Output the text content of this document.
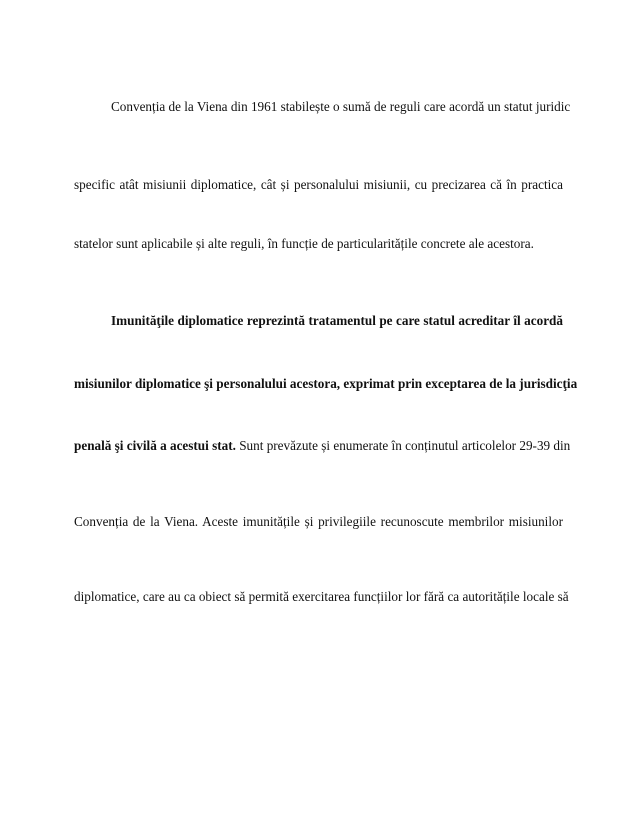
Convenția de la Viena din 1961 stabilește o sumă de reguli care acordă un statut juridic
specific atât misiunii diplomatice, cât și personalului misiunii, cu precizarea că în practica
statelor sunt aplicabile și alte reguli, în funcție de particularitățile concrete ale acestora.
Imunităţile diplomatice reprezintă tratamentul pe care statul acreditar îl acordă
misiunilor diplomatice şi personalului acestora, exprimat prin exceptarea de la jurisdicţia
penală şi civilă a acestui stat. Sunt prevăzute și enumerate în conținutul articolelor 29-39 din
Convenția de la Viena. Aceste imunitățile și privilegiile recunoscute membrilor misiunilor
diplomatice, care au ca obiect să permită exercitarea funcțiilor lor fără ca autoritățile locale să
